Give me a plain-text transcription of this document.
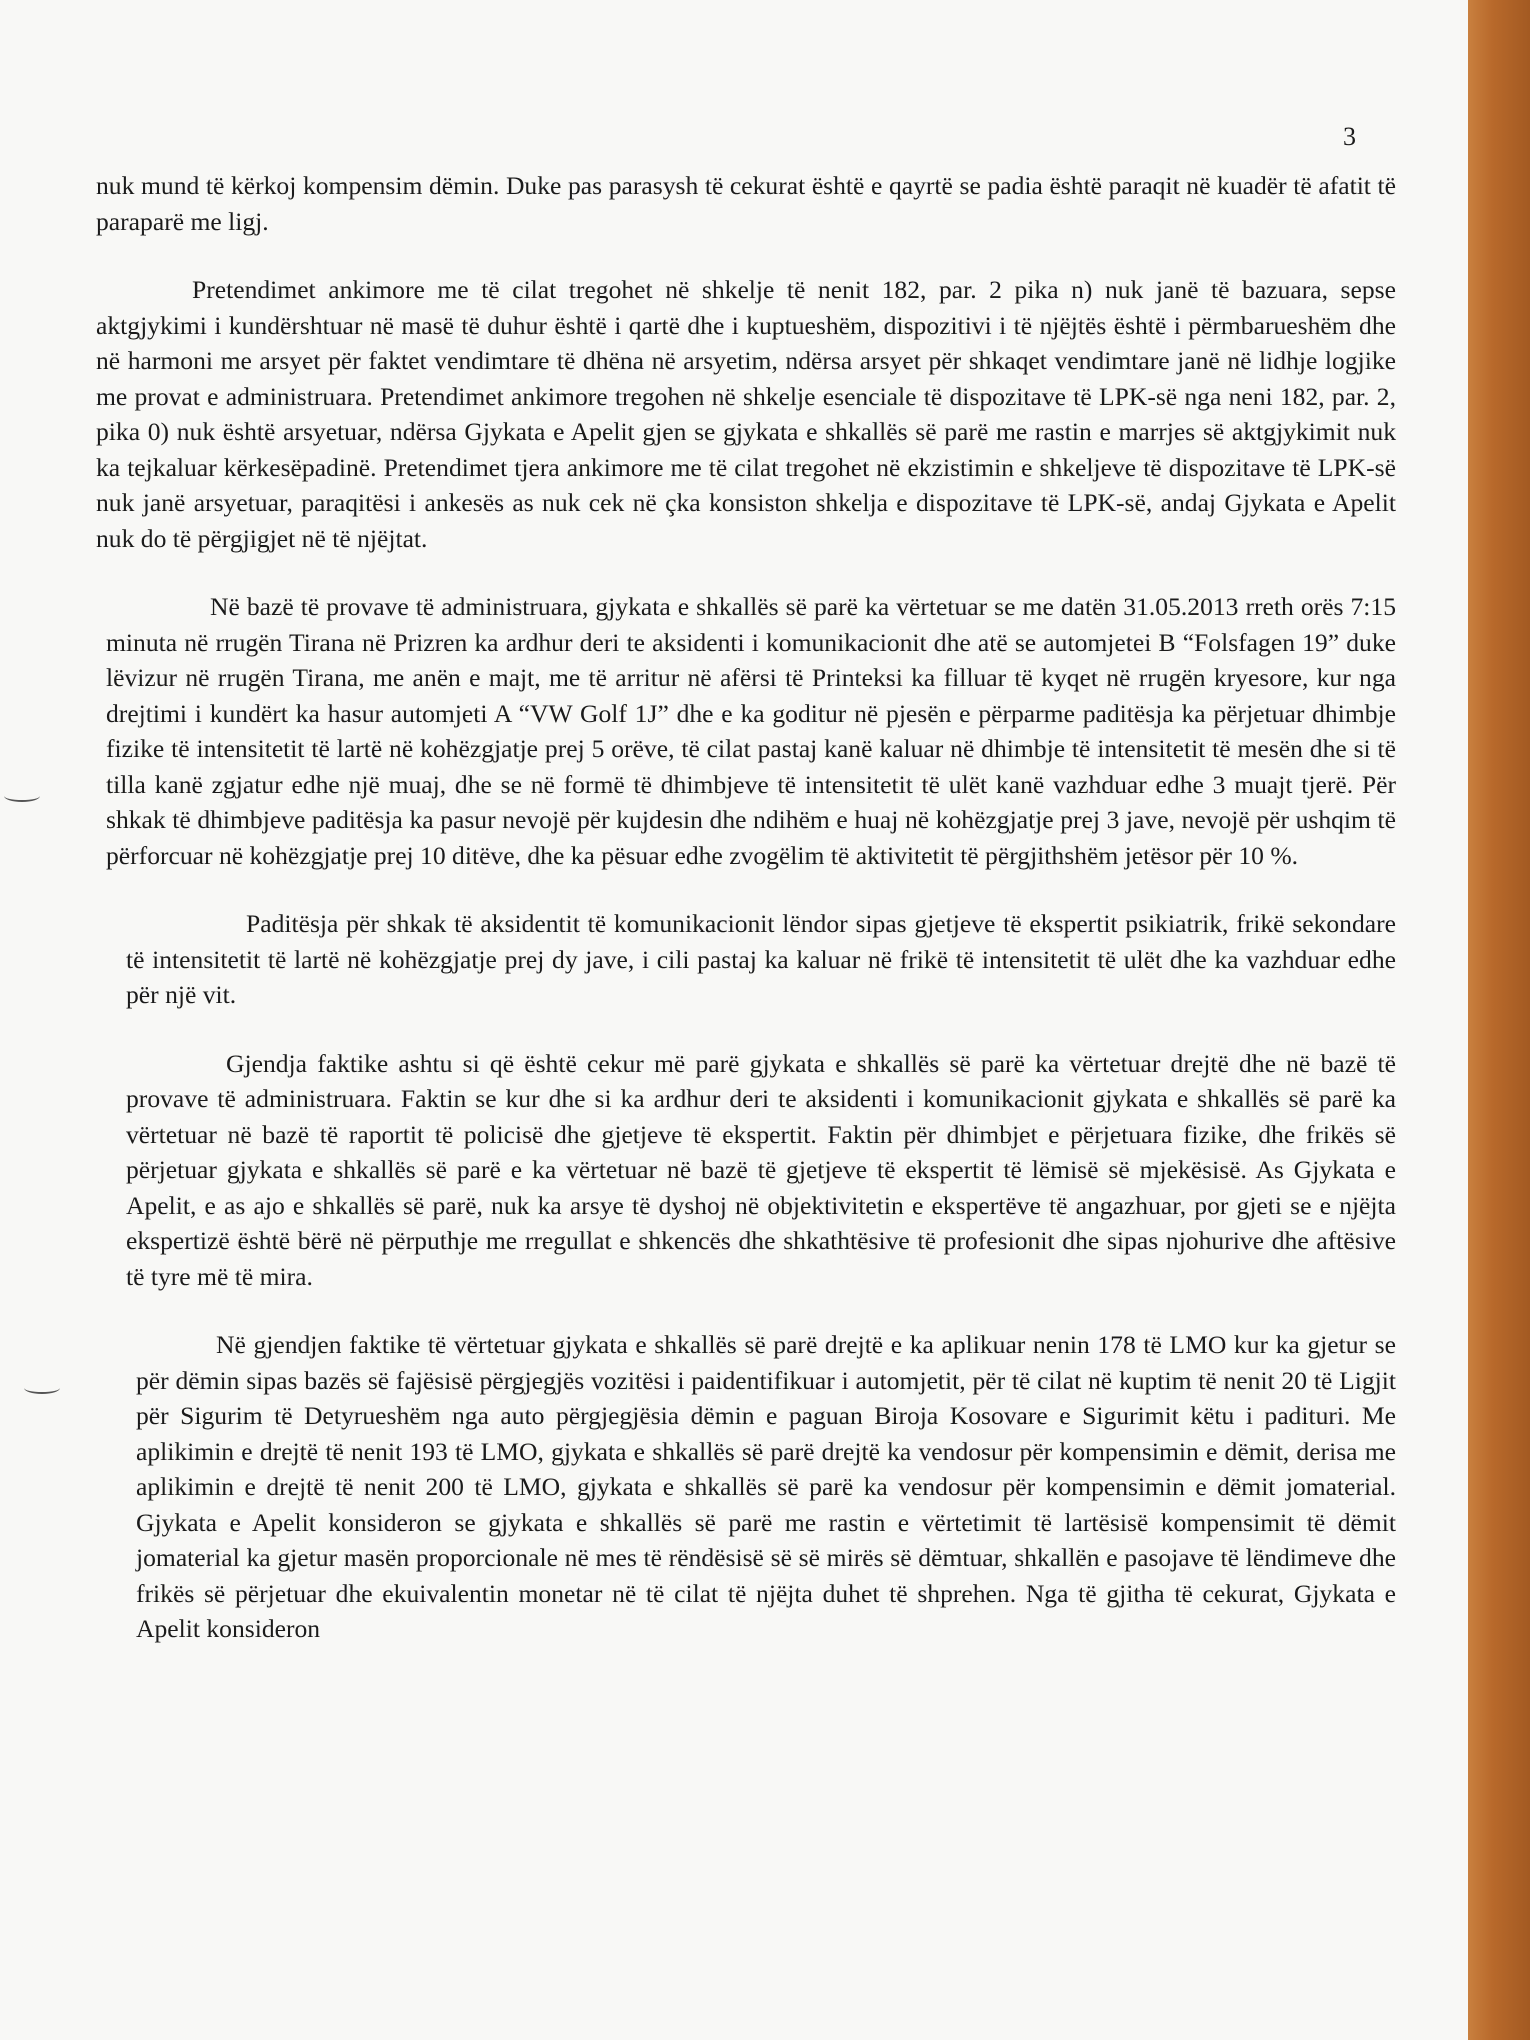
3

nuk mund të kërkoj kompensim dëmin. Duke pas parasysh të cekurat është e qayrtë se padia është paraqit në kuadër të afatit të paraparë me ligj.

Pretendimet ankimore me të cilat tregohet në shkelje të nenit 182, par. 2 pika n) nuk janë të bazuara, sepse aktgjykimi i kundërshtuar në masë të duhur është i qartë dhe i kuptueshëm, dispozitivi i të njëjtës është i përmbarueshëm dhe në harmoni me arsyet për faktet vendimtare të dhëna në arsyetim, ndërsa arsyet për shkaqet vendimtare janë në lidhje logjike me provat e administruara. Pretendimet ankimore tregohen në shkelje esenciale të dispozitave të LPK-së nga neni 182, par. 2, pika 0) nuk është arsyetuar, ndërsa Gjykata e Apelit gjen se gjykata e shkallës së parë me rastin e marrjes së aktgjykimit nuk ka tejkaluar kërkesëpadinë. Pretendimet tjera ankimore me të cilat tregohet në ekzistimin e shkeljeve të dispozitave të LPK-së nuk janë arsyetuar, paraqitësi i ankesës as nuk cek në çka konsiston shkelja e dispozitave të LPK-së, andaj Gjykata e Apelit nuk do të përgjigjet në të njëjtat.

Në bazë të provave të administruara, gjykata e shkallës së parë ka vërtetuar se me datën 31.05.2013 rreth orës 7:15 minuta në rrugën Tirana në Prizren ka ardhur deri te aksidenti i komunikacionit dhe atë se automjetei B “Folsfagen 19” duke lëvizur në rrugën Tirana, me anën e majt, me të arritur në afërsi të Printeksi ka filluar të kyqet në rrugën kryesore, kur nga drejtimi i kundërt ka hasur automjeti A “VW Golf 1J” dhe e ka goditur në pjesën e përparme paditësja ka përjetuar dhimbje fizike të intensitetit të lartë në kohëzgjatje prej 5 orëve, të cilat pastaj kanë kaluar në dhimbje të intensitetit të mesën dhe si të tilla kanë zgjatur edhe një muaj, dhe se në formë të dhimbjeve të intensitetit të ulët kanë vazhduar edhe 3 muajt tjerë. Për shkak të dhimbjeve paditësja ka pasur nevojë për kujdesin dhe ndihëm e huaj në kohëzgjatje prej 3 jave, nevojë për ushqim të përforcuar në kohëzgjatje prej 10 ditëve, dhe ka pësuar edhe zvogëlim të aktivitetit të përgjithshëm jetësor për 10 %.

Paditësja për shkak të aksidentit të komunikacionit lëndor sipas gjetjeve të ekspertit psikiatrik, frikë sekondare të intensitetit të lartë në kohëzgjatje prej dy jave, i cili pastaj ka kaluar në frikë të intensitetit të ulët dhe ka vazhduar edhe për një vit.

Gjendja faktike ashtu si që është cekur më parë gjykata e shkallës së parë ka vërtetuar drejtë dhe në bazë të provave të administruara. Faktin se kur dhe si ka ardhur deri te aksidenti i komunikacionit gjykata e shkallës së parë ka vërtetuar në bazë të raportit të policisë dhe gjetjeve të ekspertit. Faktin për dhimbjet e përjetuara fizike, dhe frikës së përjetuar gjykata e shkallës së parë e ka vërtetuar në bazë të gjetjeve të ekspertit të lëmisë së mjekësisë. As Gjykata e Apelit, e as ajo e shkallës së parë, nuk ka arsye të dyshoj në objektivitetin e ekspertëve të angazhuar, por gjeti se e njëjta ekspertizë është bërë në përputhje me rregullat e shkencës dhe shkathtësive të profesionit dhe sipas njohurive dhe aftësive të tyre më të mira.

Në gjendjen faktike të vërtetuar gjykata e shkallës së parë drejtë e ka aplikuar nenin 178 të LMO kur ka gjetur se për dëmin sipas bazës së fajësisë përgjegjës vozitësi i paidentifikuar i automjetit, për të cilat në kuptim të nenit 20 të Ligjit për Sigurim të Detyrueshëm nga auto përgjegjësia dëmin e paguan Biroja Kosovare e Sigurimit këtu i padituri. Me aplikimin e drejtë të nenit 193 të LMO, gjykata e shkallës së parë drejtë ka vendosur për kompensimin e dëmit, derisa me aplikimin e drejtë të nenit 200 të LMO, gjykata e shkallës së parë ka vendosur për kompensimin e dëmit jomaterial. Gjykata e Apelit konsideron se gjykata e shkallës së parë me rastin e vërtetimit të lartësisë kompensimit të dëmit jomaterial ka gjetur masën proporcionale në mes të rëndësisë së së mirës së dëmtuar, shkallën e pasojave të lëndimeve dhe frikës së përjetuar dhe ekuivalentin monetar në të cilat të njëjta duhet të shprehen. Nga të gjitha të cekurat, Gjykata e Apelit konsideron
